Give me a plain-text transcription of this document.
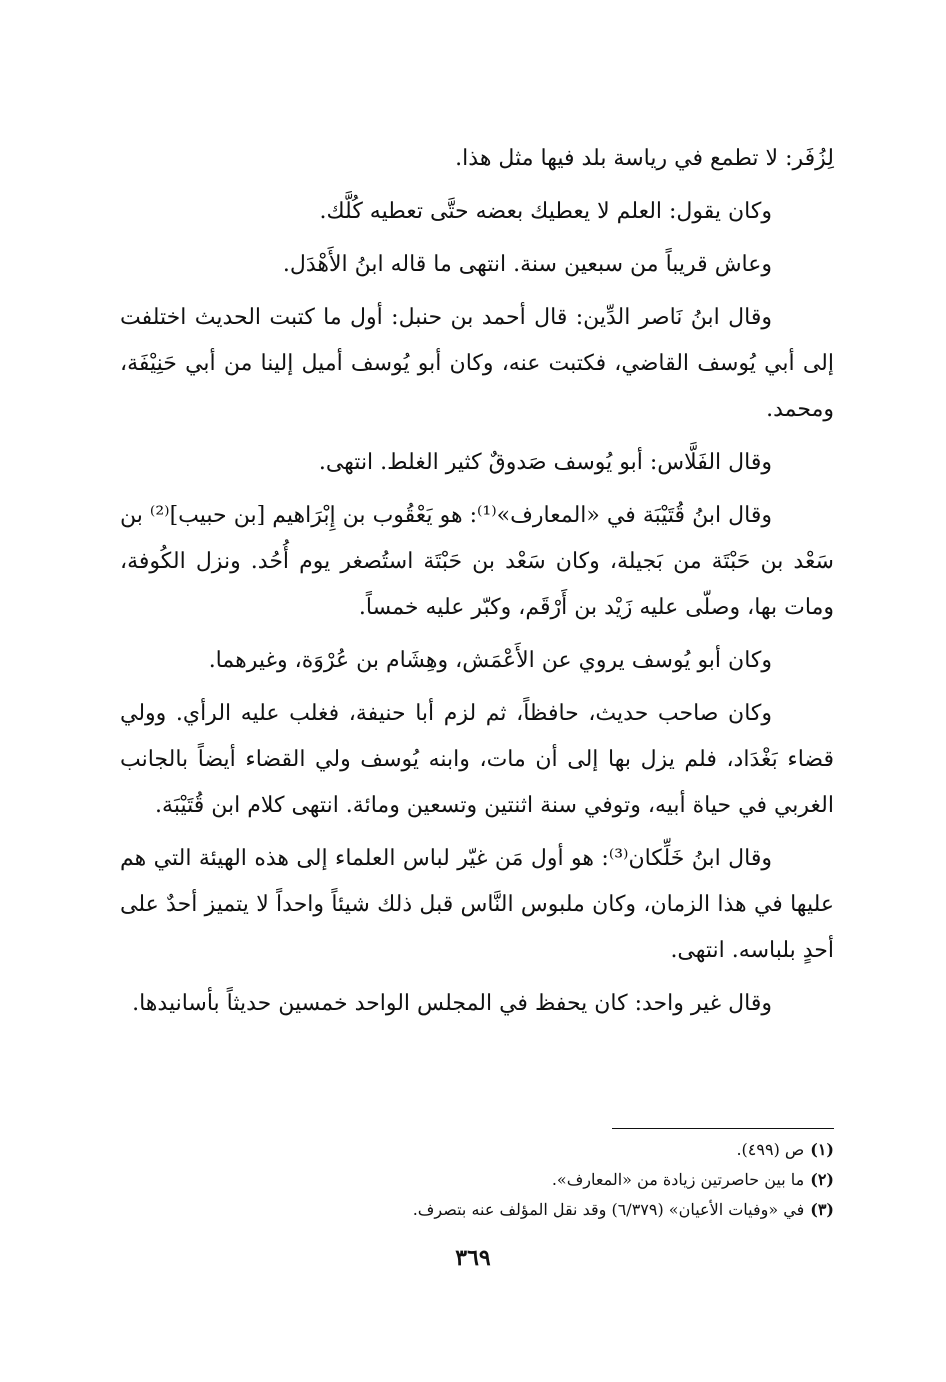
لِزُفَر: لا تطمع في رياسة بلد فيها مثل هذا.

وكان يقول: العلم لا يعطيك بعضه حتَّى تعطيه كُلَّك.

وعاش قريباً من سبعين سنة. انتهى ما قاله ابنُ الأَهْدَل.

وقال ابنُ نَاصر الدِّين: قال أحمد بن حنبل: أول ما كتبت الحديث اختلفت إلى أبي يُوسف القاضي، فكتبت عنه، وكان أبو يُوسف أميل إلينا من أبي حَنِيْفَة، ومحمد.

وقال الفَلَّاس: أبو يُوسف صَدوقٌ كثير الغلط. انتهى.

وقال ابنُ قُتَيْبَة في «المعارف»⁽¹⁾: هو يَعْقُوب بن إِبْرَاهيم [بن حبيب]⁽²⁾ بن سَعْد بن حَبْتَة من بَجيلة، وكان سَعْد بن حَبْتَة استُصغر يوم أُحُد. ونزل الكُوفة، ومات بها، وصلّى عليه زَيْد بن أَرْقَم، وكبّر عليه خمساً.

وكان أبو يُوسف يروي عن الأَعْمَش، وهِشَام بن عُرْوَة، وغيرهما.

وكان صاحب حديث، حافظاً، ثم لزم أبا حنيفة، فغلب عليه الرأي. وولي قضاء بَغْدَاد، فلم يزل بها إلى أن مات، وابنه يُوسف ولي القضاء أيضاً بالجانب الغربي في حياة أبيه، وتوفي سنة اثنتين وتسعين ومائة. انتهى كلام ابن قُتَيْبَة.

وقال ابنُ خَلِّكان⁽³⁾: هو أول مَن غيّر لباس العلماء إلى هذه الهيئة التي هم عليها في هذا الزمان، وكان ملبوس النَّاس قبل ذلك شيئاً واحداً لا يتميز أحدٌ على أحدٍ بلباسه. انتهى.

وقال غير واحد: كان يحفظ في المجلس الواحد خمسين حديثاً بأسانيدها.

(١)ص (٤٩٩).

(٢)ما بين حاصرتين زيادة من «المعارف».

(٣)في «وفيات الأعيان» (٦/٣٧٩) وقد نقل المؤلف عنه بتصرف.

٣٦٩
